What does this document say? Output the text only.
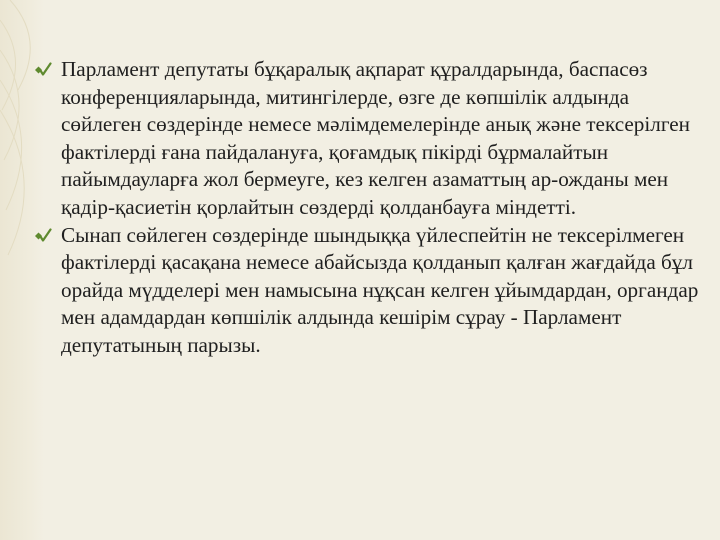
Парламент депутаты бұқаралық ақпарат құралдарында, баспасөз конференцияларында, митингілерде, өзге де көпшілік алдында сөйлеген сөздерінде немесе мәлімдемелерінде анық және тексерілген фактілерді ғана пайдалануға, қоғамдық пікірді бұрмалайтын пайымдауларға жол бермеуге, кез келген азаматтың ар-ожданы мен қадір-қасиетін қорлайтын сөздерді қолданбауға міндетті.
Сынап сөйлеген сөздерінде шындыққа үйлеспейтін не тексерілмеген фактілерді қасақана немесе абайсызда қолданып қалған жағдайда бұл орайда мүдделері мен намысына нұқсан келген ұйымдардан, органдар мен адамдардан көпшілік алдында кешірім сұрау - Парламент депутатының парызы.
